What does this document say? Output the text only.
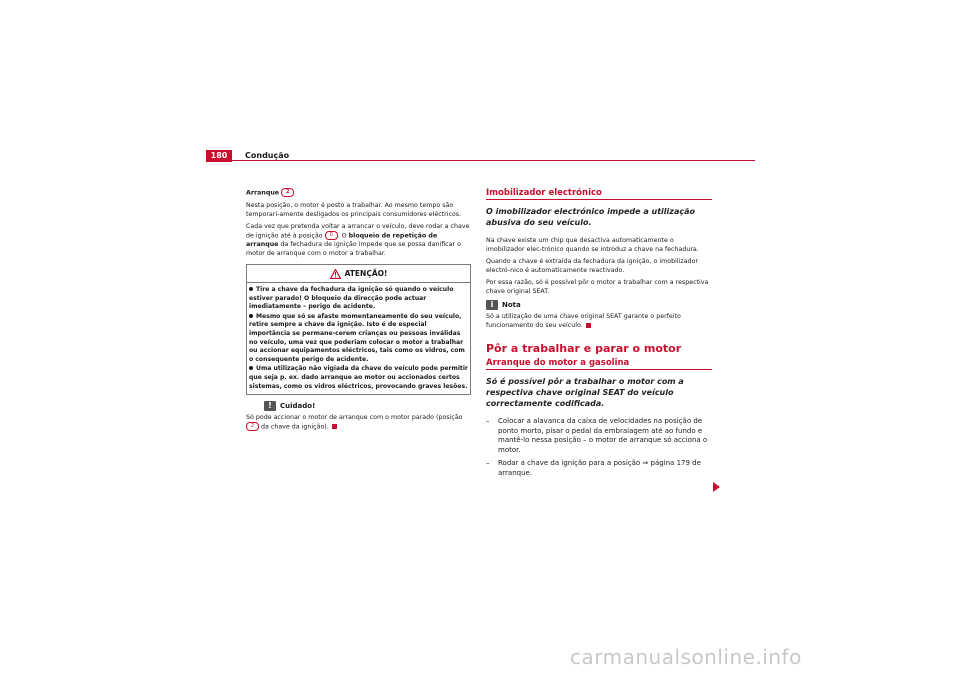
180	Condução

Arranque 2

Nesta posição, o motor é posto a trabalhar. Ao mesmo tempo são temporari-amente desligados os principais consumidores eléctricos.

Cada vez que pretenda voltar a arrancar o veículo, deve rodar a chave de ignição até à posição 0 . O bloqueio de repetição de arranque da fechadura de ignição impede que se possa danificar o motor de arranque com o motor a trabalhar.

ATENÇÃO!
Tire a chave da fechadura da ignição só quando o veículo estiver parado! O bloqueio da direcção pode actuar imediatamente – perigo de acidente.
Mesmo que só se afaste momentaneamente do seu veículo, retire sempre a chave da ignição. Isto é de especial importância se permane-cerem crianças ou pessoas inválidas no veículo, uma vez que poderiam colocar o motor a trabalhar ou accionar equipamentos eléctricos, tais como os vidros, com o consequente perigo de acidente.
Uma utilização não vigiada da chave do veículo pode permitir que seja p. ex. dado arranque ao motor ou accionados certos sistemas, como os vidros eléctricos, provocando graves lesões.
!	Cuidado!

Só pode accionar o motor de arranque com o motor parado (posição 2 da chave da ignição).

Imobilizador electrónico

O imobilizador electrónico impede a utilização abusiva do seu veículo.

Na chave existe um chip que desactiva automaticamente o imobilizador elec-trónico quando se introduz a chave na fechadura.

Quando a chave é extraída da fechadura da ignição, o imobilizador electró-nico é automaticamente reactivado.

Por essa razão, só é possível pôr o motor a trabalhar com a respectiva chave original SEAT.

i	Nota

Só a utilização de uma chave original SEAT garante o perfeito funcionamento do seu veículo.

Pôr a trabalhar e parar o motor
Arranque do motor a gasolina

Só é possível pôr a trabalhar o motor com a respectiva chave original SEAT do veículo correctamente codificada.

–	Colocar a alavanca da caixa de velocidades na posição de ponto morto, pisar o pedal da embraiagem até ao fundo e mantê-lo nessa posição – o motor de arranque só acciona o motor.
–	Rodar a chave da ignição para a posição ⇒ página 179 de arranque.
carmanualsonline.info
